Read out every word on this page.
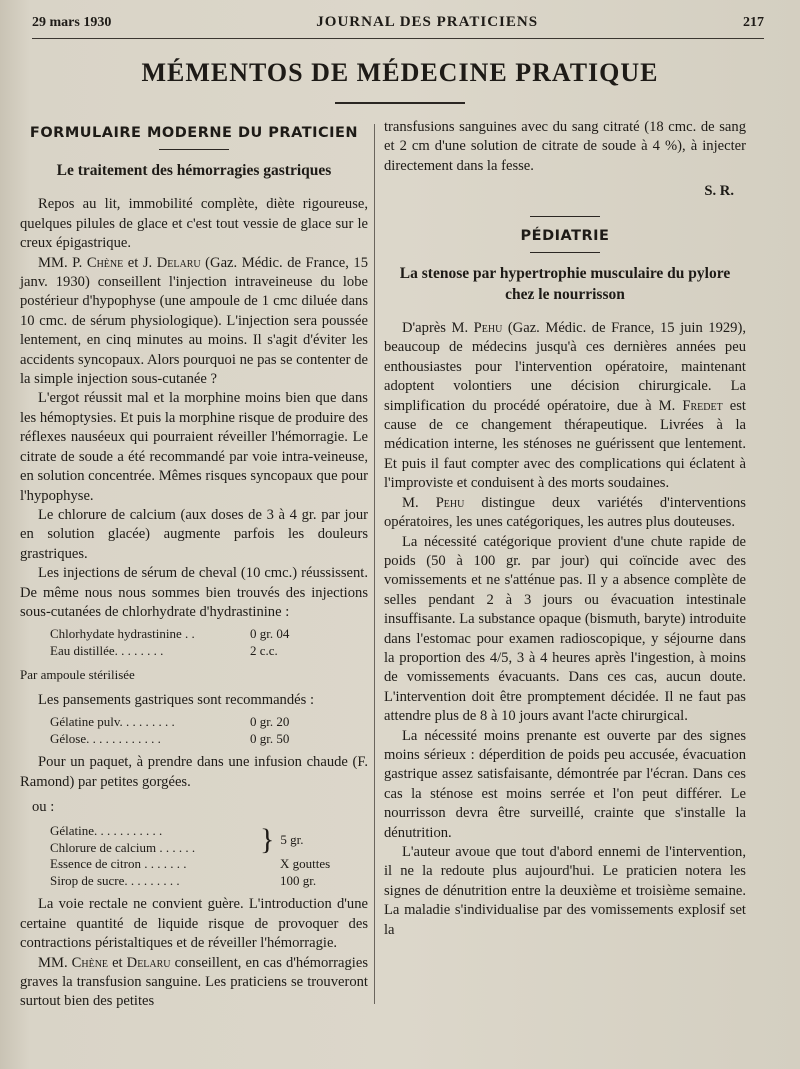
29 mars 1930	JOURNAL DES PRATICIENS	217
MÉMENTOS DE MÉDECINE PRATIQUE
FORMULAIRE MODERNE DU PRATICIEN
Le traitement des hémorragies gastriques

Repos au lit, immobilité complète, diète rigoureuse, quelques pilules de glace et c'est tout vessie de glace sur le creux épigastrique.

MM. P. Chène et J. Delaru (Gaz. Médic. de France, 15 janv. 1930) conseillent l'injection intraveineuse du lobe postérieur d'hypophyse (une ampoule de 1 cmc diluée dans 10 cmc. de sérum physiologique). L'injection sera poussée lentement, en cinq minutes au moins. Il s'agit d'éviter les accidents syncopaux. Alors pourquoi ne pas se contenter de la simple injection sous-cutanée ?

L'ergot réussit mal et la morphine moins bien que dans les hémoptysies. Et puis la morphine risque de produire des réflexes nauséeux qui pourraient réveiller l'hémorragie. Le citrate de soude a été recommandé par voie intra-veineuse, en solution concentrée. Mêmes risques syncopaux que pour l'hypophyse.

Le chlorure de calcium (aux doses de 3 à 4 gr. par jour en solution glacée) augmente parfois les douleurs grastriques.

Les injections de sérum de cheval (10 cmc.) réussissent. De même nous nous sommes bien trouvés des injections sous-cutanées de chlorhydrate d'hydrastinine :

Chlorhydate hydrastinine . .	0 gr. 04
Eau distillée. . . . . . . .	2 c.c.

Par ampoule stérilisée

Les pansements gastriques sont recommandés :

Gélatine pulv. . . . . . . . .	0 gr. 20
Gélose. . . . . . . . . . . .	0 gr. 50

Pour un paquet, à prendre dans une infusion chaude (F. Ramond) par petites gorgées.

ou :

Gélatine. . . . . . . . . . .
Chlorure de calcium . . . . . .	} 5 gr.
Essence de citron . . . . . . .	X gouttes
Sirop de sucre. . . . . . . . .	100 gr.

La voie rectale ne convient guère. L'introduction d'une certaine quantité de liquide risque de provoquer des contractions péristaltiques et de réveiller l'hémorragie.

MM. Chène et Delaru conseillent, en cas d'hémorragies graves la transfusion sanguine. Les praticiens se trouveront surtout bien des petites

transfusions sanguines avec du sang citraté (18 cmc. de sang et 2 cm d'une solution de citrate de soude à 4 %), à injecter directement dans la fesse.

S. R.
PÉDIATRIE
La stenose par hypertrophie musculaire du pylore chez le nourrisson

D'après M. Pehu (Gaz. Médic. de France, 15 juin 1929), beaucoup de médecins jusqu'à ces dernières années peu enthousiastes pour l'intervention opératoire, maintenant adoptent volontiers une décision chirurgicale. La simplification du procédé opératoire, due à M. Fredet est cause de ce changement thérapeutique. Livrées à la médication interne, les sténoses ne guérissent que lentement. Et puis il faut compter avec des complications qui éclatent à l'improviste et conduisent à des morts soudaines.

M. Pehu distingue deux variétés d'interventions opératoires, les unes catégoriques, les autres plus douteuses.

La nécessité catégorique provient d'une chute rapide de poids (50 à 100 gr. par jour) qui coïncide avec des vomissements et ne s'atténue pas. Il y a absence complète de selles pendant 2 à 3 jours ou évacuation intestinale insuffisante. La substance opaque (bismuth, baryte) introduite dans l'estomac pour examen radioscopique, y séjourne dans la proportion des 4/5, 3 à 4 heures après l'ingestion, à moins de vomissements évacuants. Dans ces cas, aucun doute. L'intervention doit être promptement décidée. Il ne faut pas attendre plus de 8 à 10 jours avant l'acte chirurgical.

La nécessité moins prenante est ouverte par des signes moins sérieux : déperdition de poids peu accusée, évacuation gastrique assez satisfaisante, démontrée par l'écran. Dans ces cas la sténose est moins serrée et l'on peut différer. Le nourrisson devra être surveillé, crainte que s'installe la dénutrition.

L'auteur avoue que tout d'abord ennemi de l'intervention, il ne la redoute plus aujourd'hui. Le praticien notera les signes de dénutrition entre la deuxième et troisième semaine. La maladie s'individualise par des vomissements explosif set la
